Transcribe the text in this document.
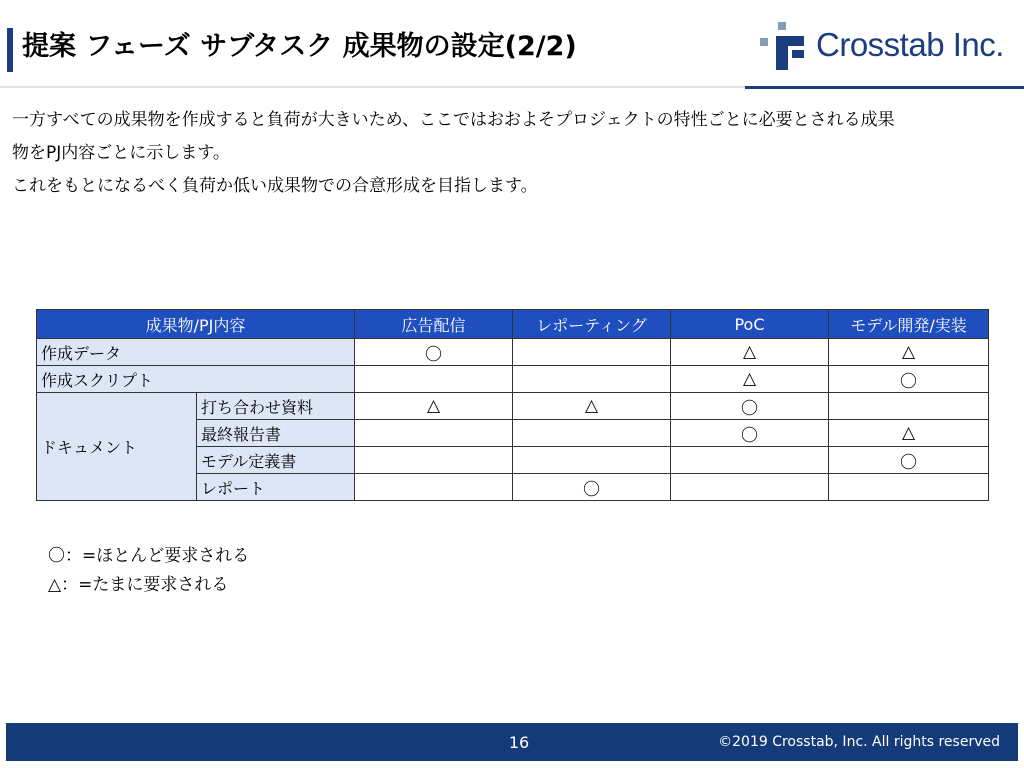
提案 フェーズ サブタスク 成果物の設定(2/2)	Crosstab Inc.

一方すべての成果物を作成すると負荷が大きいため、ここではおおよそプロジェクトの特性ごとに必要とされる成果

物をPJ内容ごとに示します。

これをもとになるべく負荷か低い成果物での合意形成を目指します。

成果物/PJ内容		広告配信	レポーティング	PoC	モデル開発/実装
作成データ		〇		△	△
作成スクリプト				△	〇
ドキュメント	打ち合わせ資料	△	△	〇	
	最終報告書			〇	△
	モデル定義書				〇
	レポート		〇		
〇：=ほとんど要求される
△：=たまに要求される
16	©2019 Crosstab, Inc. All rights reserved
